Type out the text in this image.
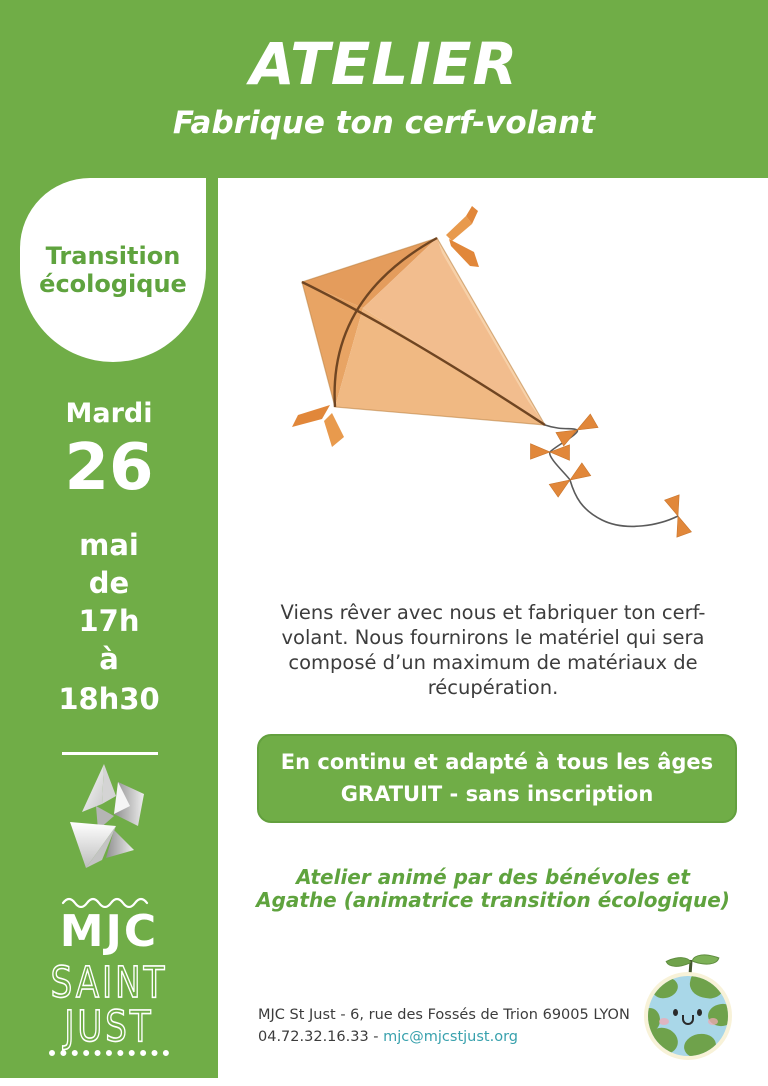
ATELIER
Fabrique ton cerf-volant
Transition écologique
Mardi
26
mai
de
17h
à
18h30
MJC
SAINT
JUST
Viens rêver avec nous et fabriquer ton cerf-
volant. Nous fournirons le matériel qui sera
composé d’un maximum de matériaux de
récupération.
En continu et adapté à tous les âges
GRATUIT - sans inscription
Atelier animé par des bénévoles et
Agathe (animatrice transition écologique)
MJC St Just - 6, rue des Fossés de Trion 69005 LYON
04.72.32.16.33 - mjc@mjcstjust.org
